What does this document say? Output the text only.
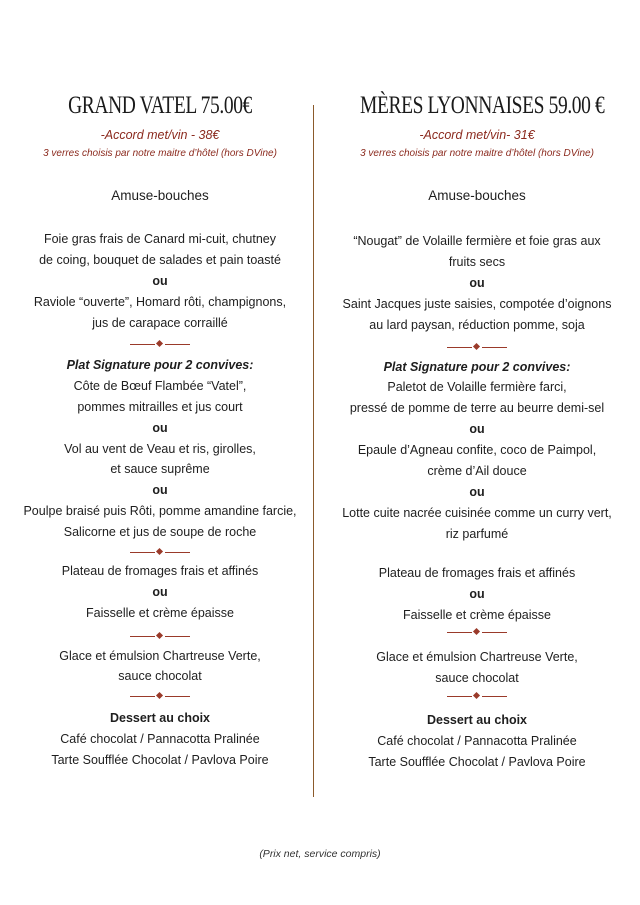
GRAND VATEL 75.00€
-Accord met/vin - 38€
3 verres choisis par notre maitre d’hôtel (hors DVine)
Amuse-bouches
Foie gras frais de Canard mi-cuit, chutney
de coing, bouquet de salades et pain toasté
ou
Raviole “ouverte”, Homard rôti, champignons,
jus de carapace corraillé
Plat Signature pour 2 convives:
Côte de Bœuf Flambée “Vatel”,
pommes mitrailles et jus court
ou
Vol au vent de Veau et ris, girolles,
et sauce suprême
ou
Poulpe braisé puis Rôti, pomme amandine farcie,
Salicorne et jus de soupe de roche
Plateau de fromages frais et affinés
ou
Faisselle et crème épaisse
Glace et émulsion Chartreuse Verte,
sauce chocolat
Dessert au choix
Café chocolat / Pannacotta Pralinée
Tarte Soufflée Chocolat / Pavlova Poire
MÈRES LYONNAISES 59.00 €
-Accord met/vin- 31€
3 verres choisis par notre maitre d’hôtel (hors DVine)
Amuse-bouches
“Nougat” de Volaille fermière et foie gras aux
fruits secs
ou
Saint Jacques juste saisies, compotée d’oignons
au lard paysan, réduction pomme, soja
Plat Signature pour 2 convives:
Paletot de Volaille fermière farci,
pressé de pomme de terre au beurre demi-sel
ou
Epaule d’Agneau confite, coco de Paimpol,
crème d’Ail douce
ou
Lotte cuite nacrée cuisinée comme un curry vert,
riz parfumé
Plateau de fromages frais et affinés
ou
Faisselle et crème épaisse
Glace et émulsion Chartreuse Verte,
sauce chocolat
Dessert au choix
Café chocolat / Pannacotta Pralinée
Tarte Soufflée Chocolat / Pavlova Poire
(Prix net, service compris)
